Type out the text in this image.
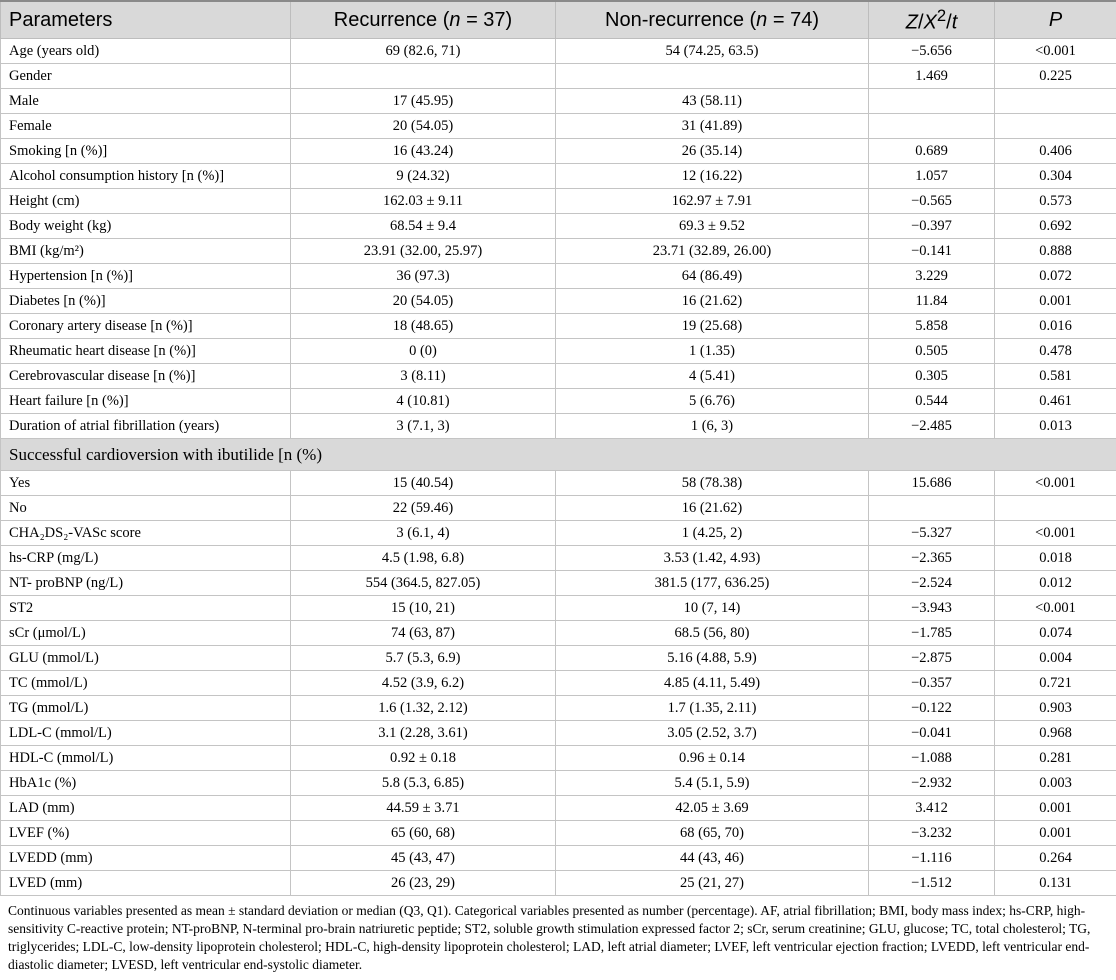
Parameters	Recurrence (n = 37)	Non-recurrence (n = 74)	$Z/X^2/t$	P
Age (years old)	69 (82.6, 71)	54 (74.25, 63.5)	−5.656	<0.001
Gender			1.469	0.225
Male	17 (45.95)	43 (58.11)		
Female	20 (54.05)	31 (41.89)		
Smoking [n (%)]	16 (43.24)	26 (35.14)	0.689	0.406
Alcohol consumption history [n (%)]	9 (24.32)	12 (16.22)	1.057	0.304
Height (cm)	162.03 ± 9.11	162.97 ± 7.91	−0.565	0.573
Body weight (kg)	68.54 ± 9.4	69.3 ± 9.52	−0.397	0.692
BMI (kg/m²)	23.91 (32.00, 25.97)	23.71 (32.89, 26.00)	−0.141	0.888
Hypertension [n (%)]	36 (97.3)	64 (86.49)	3.229	0.072
Diabetes [n (%)]	20 (54.05)	16 (21.62)	11.84	0.001
Coronary artery disease [n (%)]	18 (48.65)	19 (25.68)	5.858	0.016
Rheumatic heart disease [n (%)]	0 (0)	1 (1.35)	0.505	0.478
Cerebrovascular disease [n (%)]	3 (8.11)	4 (5.41)	0.305	0.581
Heart failure [n (%)]	4 (10.81)	5 (6.76)	0.544	0.461
Duration of atrial fibrillation (years)	3 (7.1, 3)	1 (6, 3)	−2.485	0.013
Successful cardioversion with ibutilide [n (%)				
Yes	15 (40.54)	58 (78.38)	15.686	<0.001
No	22 (59.46)	16 (21.62)		
CHA₂DS₂-VASc score	3 (6.1, 4)	1 (4.25, 2)	−5.327	<0.001
hs-CRP (mg/L)	4.5 (1.98, 6.8)	3.53 (1.42, 4.93)	−2.365	0.018
NT- proBNP (ng/L)	554 (364.5, 827.05)	381.5 (177, 636.25)	−2.524	0.012
ST2	15 (10, 21)	10 (7, 14)	−3.943	<0.001
sCr (μmol/L)	74 (63, 87)	68.5 (56, 80)	−1.785	0.074
GLU (mmol/L)	5.7 (5.3, 6.9)	5.16 (4.88, 5.9)	−2.875	0.004
TC (mmol/L)	4.52 (3.9, 6.2)	4.85 (4.11, 5.49)	−0.357	0.721
TG (mmol/L)	1.6 (1.32, 2.12)	1.7 (1.35, 2.11)	−0.122	0.903
LDL-C (mmol/L)	3.1 (2.28, 3.61)	3.05 (2.52, 3.7)	−0.041	0.968
HDL-C (mmol/L)	0.92 ± 0.18	0.96 ± 0.14	−1.088	0.281
HbA1c (%)	5.8 (5.3, 6.85)	5.4 (5.1, 5.9)	−2.932	0.003
LAD (mm)	44.59 ± 3.71	42.05 ± 3.69	3.412	0.001
LVEF (%)	65 (60, 68)	68 (65, 70)	−3.232	0.001
LVEDD (mm)	45 (43, 47)	44 (43, 46)	−1.116	0.264
LVED (mm)	26 (23, 29)	25 (21, 27)	−1.512	0.131
Continuous variables presented as mean ± standard deviation or median (Q3, Q1). Categorical variables presented as number (percentage). AF, atrial fibrillation; BMI, body mass index; hs-CRP, high-sensitivity C-reactive protein; NT-proBNP, N-terminal pro-brain natriuretic peptide; ST2, soluble growth stimulation expressed factor 2; sCr, serum creatinine; GLU, glucose; TC, total cholesterol; TG, triglycerides; LDL-C, low-density lipoprotein cholesterol; HDL-C, high-density lipoprotein cholesterol; LAD, left atrial diameter; LVEF, left ventricular ejection fraction; LVEDD, left ventricular end-diastolic diameter; LVESD, left ventricular end-systolic diameter.
